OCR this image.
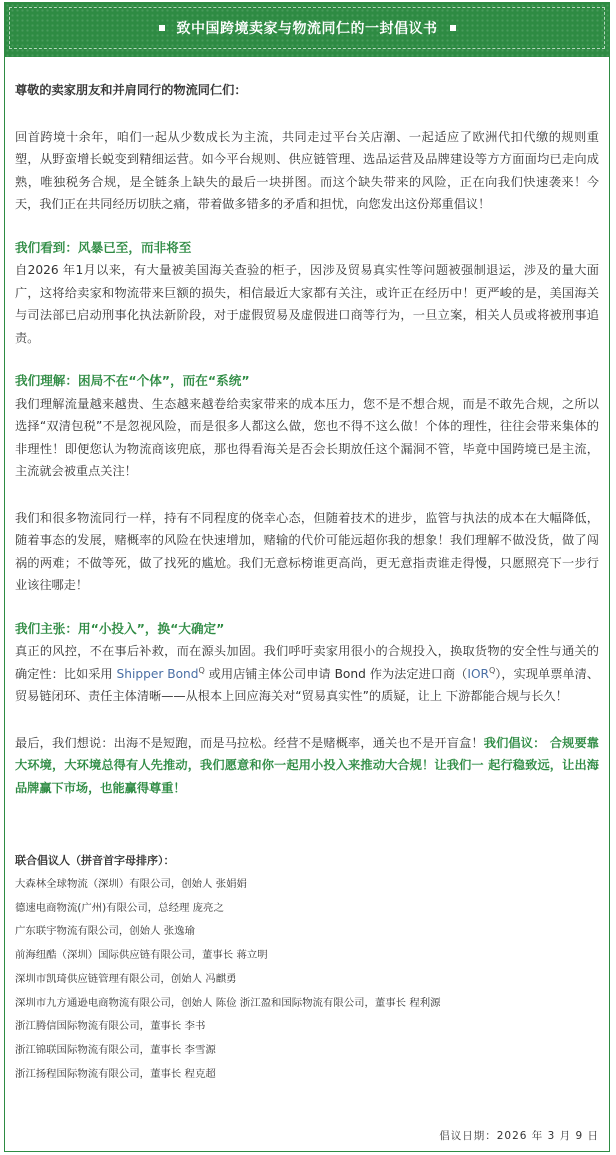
致中国跨境卖家与物流同仁的一封倡议书

尊敬的卖家朋友和并肩同行的物流同仁们：

回首跨境十余年，咱们一起从少数成长为主流，共同走过平台关店潮、一起适应了欧洲代扣代缴的规则重塑，从野蛮增长蜕变到精细运营。如今平台规则、供应链管理、选品运营及品牌建设等方方面面均已走向成熟，唯独税务合规，是全链条上缺失的最后一块拼图。而这个缺失带来的风险，正在向我们快速袭来！今天，我们正在共同经历切肤之痛，带着做多错多的矛盾和担忧，向您发出这份郑重倡议！

我们看到：风暴已至，而非将至

自2026 年1月以来，有大量被美国海关查验的柜子，因涉及贸易真实性等问题被强制退运，涉及的量大面广，这将给卖家和物流带来巨额的损失，相信最近大家都有关注，或许正在经历中！更严峻的是，美国海关与司法部已启动刑事化执法新阶段，对于虚假贸易及虚假进口商等行为，一旦立案，相关人员或将被刑事追责。

我们理解：困局不在“个体”，而在“系统”

我们理解流量越来越贵、生态越来越卷给卖家带来的成本压力，您不是不想合规，而是不敢先合规，之所以选择“双清包税”不是忽视风险，而是很多人都这么做，您也不得不这么做！个体的理性，往往会带来集体的非理性！即便您认为物流商该兜底，那也得看海关是否会长期放任这个漏洞不管，毕竟中国跨境已是主流，主流就会被重点关注！

我们和很多物流同行一样，持有不同程度的侥幸心态，但随着技术的进步，监管与执法的成本在大幅降低，随着事态的发展，赌概率的风险在快速增加，赌输的代价可能远超你我的想象！我们理解不做没货，做了闯祸的两难；不做等死，做了找死的尴尬。我们无意标榜谁更高尚，更无意指责谁走得慢，只愿照亮下一步行业该往哪走！

我们主张：用“小投入”，换“大确定”

真正的风控，不在事后补救，而在源头加固。我们呼吁卖家用很小的合规投入，换取货物的安全性与通关的确定性：比如采用 Shipper Bond$^Q$ 或用店铺主体公司申请 Bond 作为法定进口商$(IOR^Q)$，实现单票单清、贸易链闭环、责任主体清晰——从根本上回应海关对“贸易真实性”的质疑，让上 下游都能合规与长久！

最后，我们想说：出海不是短跑，而是马拉松。经营不是赌概率，通关也不是开盲盒！我们倡议： 合规要靠大环境，大环境总得有人先推动，我们愿意和你一起用小投入来推动大合规！让我们一 起行稳致远，让出海品牌赢下市场，也能赢得尊重！

联合倡议人（拼音首字母排序）：

大森林全球物流（深圳）有限公司，创始人 张娟娟
德速电商物流(广州)有限公司，总经理 庞亮之
广东联宇物流有限公司，创始人 张逸瑜
前海纽酷（深圳）国际供应链有限公司，董事长 蒋立明
深圳市凯琦供应链管理有限公司，创始人 冯麒勇
深圳市九方通逊电商物流有限公司，创始人 陈俭 浙江盈和国际物流有限公司，董事长 程利源
浙江腾信国际物流有限公司，董事长 李书
浙江锦联国际物流有限公司，董事长 李雪源
浙江扬程国际物流有限公司，董事长 程克超
倡议日期：2026 年 3 月 9 日
